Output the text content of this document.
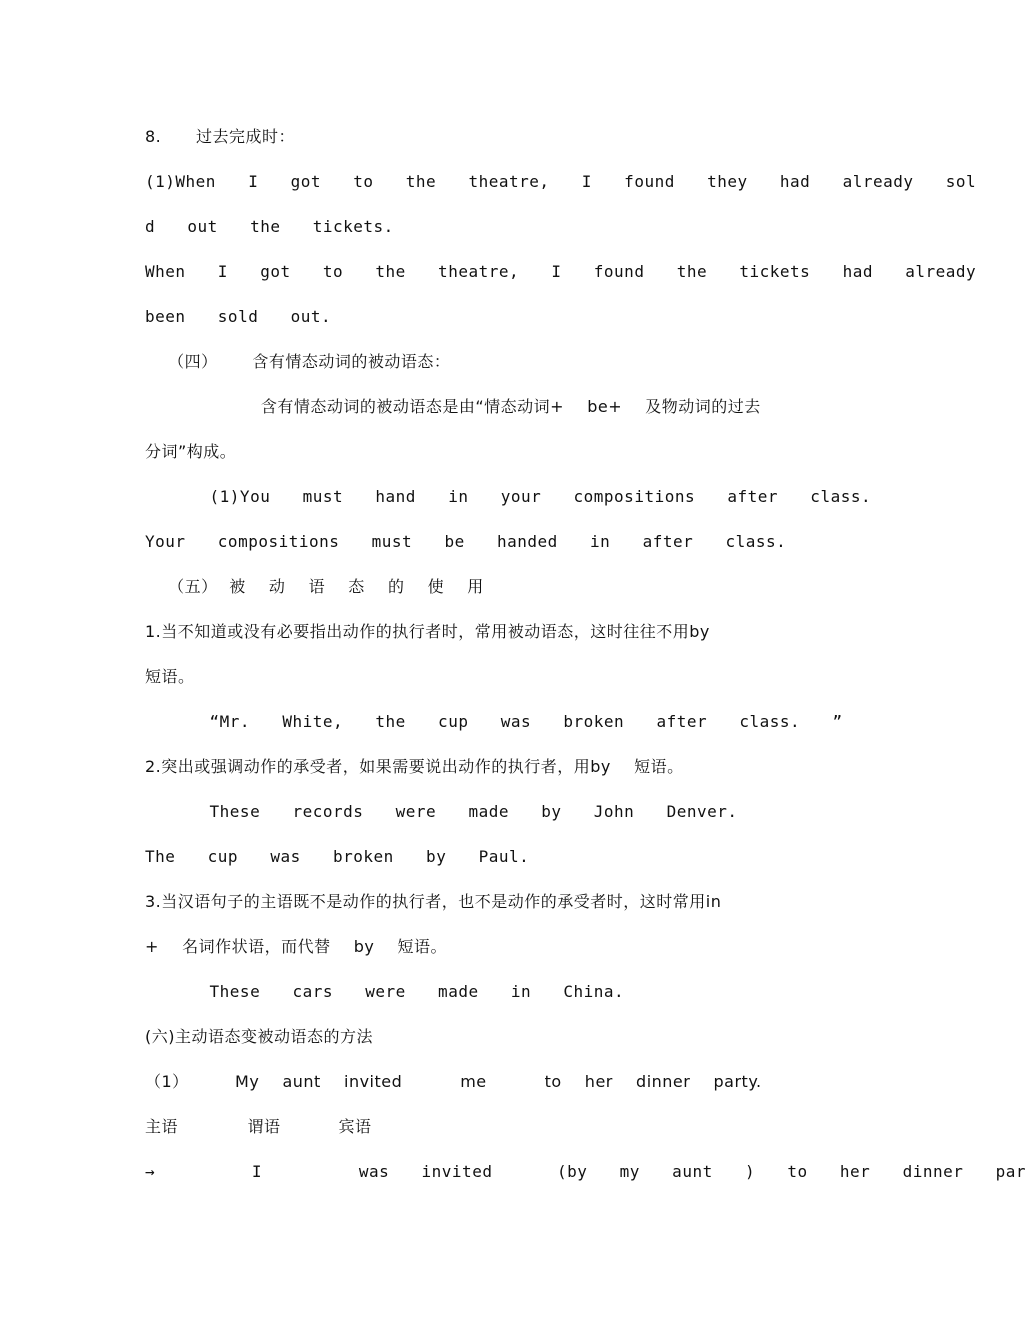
8.   过去完成时：
(1)When  I  got  to  the  theatre,  I  found  they  had  already  sol
d  out  the  tickets.
When  I  got  to  the  theatre,  I  found  the  tickets  had  already
been  sold  out.
（四）   含有情态动词的被动语态：
含有情态动词的被动语态是由“情态动词+  be+  及物动词的过去
分词”构成。
(1)You  must  hand  in  your  compositions  after  class.
Your  compositions  must  be  handed  in  after  class.
（五） 被  动  语  态  的  使  用
1.当不知道或没有必要指出动作的执行者时，常用被动语态，这时往往不用by
短语。
“Mr.  White,  the  cup  was  broken  after  class.  ”
2.突出或强调动作的承受者，如果需要说出动作的执行者，用by  短语。
These  records  were  made  by  John  Denver.
The  cup  was  broken  by  Paul.
3.当汉语句子的主语既不是动作的执行者，也不是动作的承受者时，这时常用in
+  名词作状语，而代替  by  短语。
These  cars  were  made  in  China.
(六)主动语态变被动语态的方法
（1）    My  aunt  invited     me     to  her  dinner  party.
主语      谓语     宾语
→      I      was  invited    (by  my  aunt  )  to  her  dinner  par
